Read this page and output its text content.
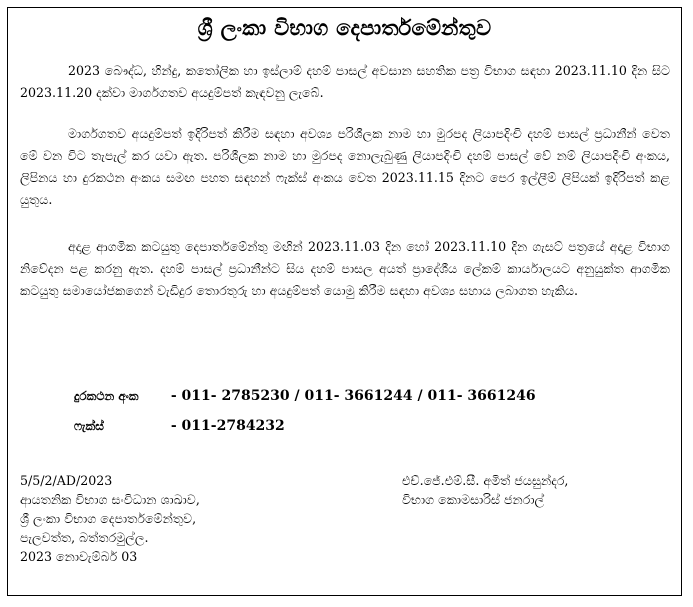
ශ්‍රී ලංකා විභාග දෙපාර්තමේන්තුව
2023 බෞද්ධ, හින්දු, කතෝලික හා ඉස්ලාම් දහම් පාසල් අවසාන සහතික පත්‍ර විභාග සඳහා 2023.11.10 දින සිට 2023.11.20 දක්වා මාර්ගගතව අයදුම්පත් කැඳවනු ලැබේ.
මාර්ගගතව අයදුම්පත් ඉදිරිපත් කිරීම සඳහා අවශ්‍ය පරිශීලක නාම හා මුරපද ලියාපදිංචි දහම් පාසල් ප්‍රධානීන් වෙත මේ වන විට තැපැල් කර යවා ඇත. පරිශීලක නාම හා මුරපද නොලැබුණු ලියාපදිංචි දහම් පාසල් වේ නම් ලියාපදිංචි අංකය, ලිපිනය හා දුරකථන අංකය සමඟ පහත සඳහන් ෆැක්ස් අංකය වෙත 2023.11.15 දිනට පෙර ඉල්ලීම් ලිපියක් ඉදිරිපත් කළ යුතුය.
අදාළ ආගමික කටයුතු දෙපාර්තමේන්තු මඟින් 2023.11.03 දින හෝ 2023.11.10 දින ගැසට් පත්‍රයේ අදාළ විභාග නිවේදන පළ කරනු ඇත. දහම් පාසල් ප්‍රධානීන්ට සිය දහම් පාසල අයත් ප්‍රාදේශීය ලේකම් කාර්යාලයට අනුයුක්ත ආගමික කටයුතු සමායෝජකගෙන් වැඩිදුර තොරතුරු හා අයදුම්පත් යොමු කිරීම සඳහා අවශ්‍ය සහාය ලබාගත හැකිය.
දුරකථන අංක - 011- 2785230 / 011- 3661244 / 011- 3661246
ෆැක්ස්	- 011-2784232
5/5/2/AD/2023
ආයතනික විභාග සංවිධාන ශාඛාව,
ශ්‍රී ලංකා විභාග දෙපාර්තමේන්තුව,
පැලවත්ත, බත්තරමුල්ල.
2023 නොවැම්බර් 03
එච්.ජේ.එම්.සී. අමිත් ජයසුන්දර,
විභාග කොමසාරිස් ජනරාල්
